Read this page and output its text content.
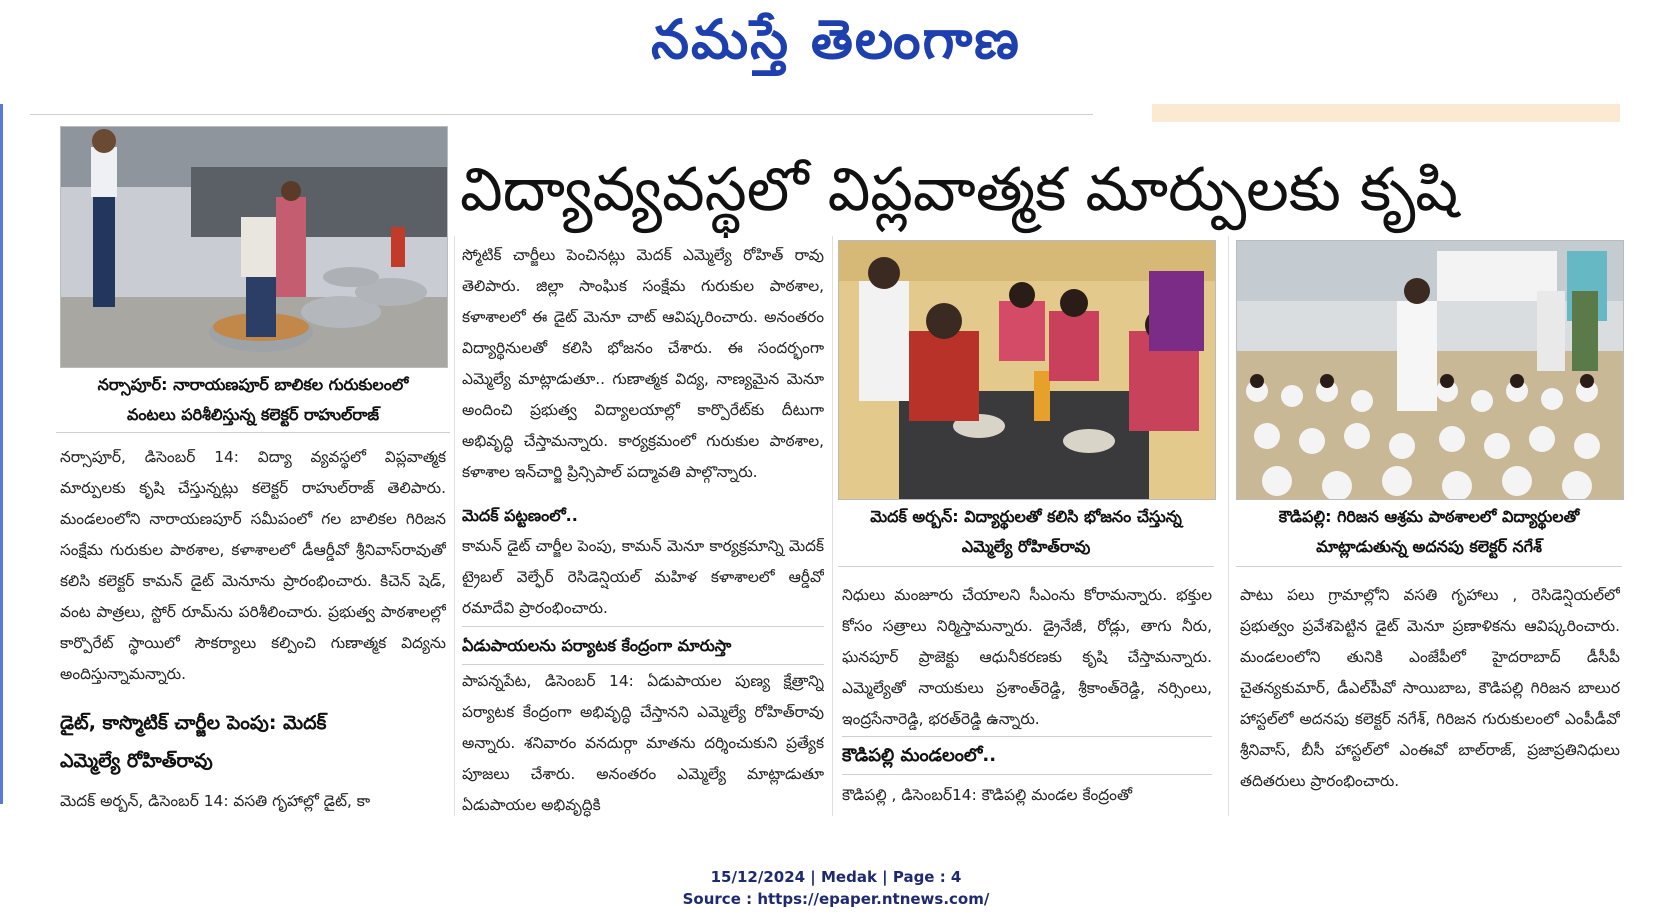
నమస్తే తెలంగాణ
నర్సాపూర్: నారాయణపూర్ బాలికల గురుకులంలో
వంటలు పరిశీలిస్తున్న కలెక్టర్ రాహుల్‌రాజ్
విద్యావ్యవస్థలో విప్లవాత్మక మార్పులకు కృషి
నర్సాపూర్, డిసెంబర్ 14: విద్యా వ్యవస్థలో విప్లవాత్మక మార్పులకు కృషి చేస్తున్నట్లు కలెక్టర్ రాహుల్‌రాజ్ తెలిపారు. మండలంలోని నారాయణపూర్ సమీపంలో గల బాలికల గిరిజన సంక్షేమ గురుకుల పాఠశాల, కళాశాలలో డీఆర్డీవో శ్రీనివాస్‌రావుతో కలిసి కలెక్టర్ కామన్ డైట్ మెనూను ప్రారంభించారు. కిచెన్ షెడ్, వంట పాత్రలు, స్టోర్ రూమ్‌ను పరిశీలించారు. ప్రభుత్వ పాఠశాలల్లో కార్పొరేట్ స్థాయిలో సౌకర్యాలు కల్పించి గుణాత్మక విద్యను అందిస్తున్నామన్నారు.
డైట్, కాస్మొటిక్ చార్జీల పెంపు: మెదక్
ఎమ్మెల్యే రోహిత్‌రావు
మెదక్ అర్బన్, డిసెంబర్ 14: వసతి గృహాల్లో డైట్, కా
స్మోటిక్ చార్జీలు పెంచినట్లు మెదక్ ఎమ్మెల్యే రోహిత్ రావు తెలిపారు. జిల్లా సాంఘిక సంక్షేమ గురుకుల పాఠశాల, కళాశాలలో ఈ డైట్ మెనూ చాట్ ఆవిష్కరించారు. అనంతరం విద్యార్థినులతో కలిసి భోజనం చేశారు. ఈ సందర్భంగా ఎమ్మెల్యే మాట్లాడుతూ.. గుణాత్మక విద్య, నాణ్యమైన మెనూ అందించి ప్రభుత్వ విద్యాలయాల్లో కార్పొరేట్‌కు దీటుగా అభివృద్ధి చేస్తామన్నారు. కార్యక్రమంలో గురుకుల పాఠశాల, కళాశాల ఇన్‌చార్జి ప్రిన్సిపాల్ పద్మావతి పాల్గొన్నారు.
మెదక్ పట్టణంలో..
కామన్ డైట్ చార్జీల పెంపు, కామన్ మెనూ కార్యక్రమాన్ని మెదక్ ట్రైబల్ వెల్ఫేర్ రెసిడెన్షియల్ మహిళ కళాశాలలో ఆర్డీవో రమాదేవి ప్రారంభించారు.
ఏడుపాయలను పర్యాటక కేంద్రంగా మారుస్తా
పాపన్నపేట, డిసెంబర్ 14: ఏడుపాయల పుణ్య క్షేత్రాన్ని పర్యాటక కేంద్రంగా అభివృద్ధి చేస్తానని ఎమ్మెల్యే రోహిత్‌రావు అన్నారు. శనివారం వనదుర్గా మాతను దర్శించుకుని ప్రత్యేక పూజలు చేశారు. అనంతరం ఎమ్మెల్యే మాట్లాడుతూ ఏడుపాయల అభివృద్ధికి
మెదక్ అర్బన్: విద్యార్థులతో కలిసి భోజనం చేస్తున్న
ఎమ్మెల్యే రోహిత్‌రావు
నిధులు మంజూరు చేయాలని సీఎంను కోరామన్నారు. భక్తుల కోసం సత్రాలు నిర్మిస్తామన్నారు. డ్రైనేజీ, రోడ్లు, తాగు నీరు, ఘనపూర్ ప్రాజెక్టు ఆధునీకరణకు కృషి చేస్తామన్నారు. ఎమ్మెల్యేతో నాయకులు ప్రశాంత్‌రెడ్డి, శ్రీకాంత్‌రెడ్డి, నర్సింలు, ఇంద్రసేనారెడ్డి, భరత్‌రెడ్డి ఉన్నారు.
కౌడిపల్లి మండలంలో..
కౌడిపల్లి , డిసెంబర్14: కౌడిపల్లి మండల కేంద్రంతో
కౌడిపల్లి: గిరిజన ఆశ్రమ పాఠశాలలో విద్యార్థులతో
మాట్లాడుతున్న అదనపు కలెక్టర్ నగేశ్
పాటు పలు గ్రామాల్లోని వసతి గృహాలు , రెసిడెన్షియల్‌లో ప్రభుత్వం ప్రవేశపెట్టిన డైట్ మెనూ ప్రణాళికను ఆవిష్కరించారు. మండలంలోని తునికి ఎంజేపీలో హైదరాబాద్ డీసీపీ చైతన్యకుమార్, డీఎల్‌పీవో సాయిబాబ, కౌడిపల్లి గిరిజన బాలుర హాస్టల్‌లో అదనపు కలెక్టర్ నగేశ్, గిరిజన గురుకులంలో ఎంపీడీవో శ్రీనివాస్, బీసీ హాస్టల్‌లో ఎంఈవో బాల్‌రాజ్, ప్రజాప్రతినిధులు తదితరులు ప్రారంభించారు.
15/12/2024 | Medak | Page : 4
Source : https://epaper.ntnews.com/
